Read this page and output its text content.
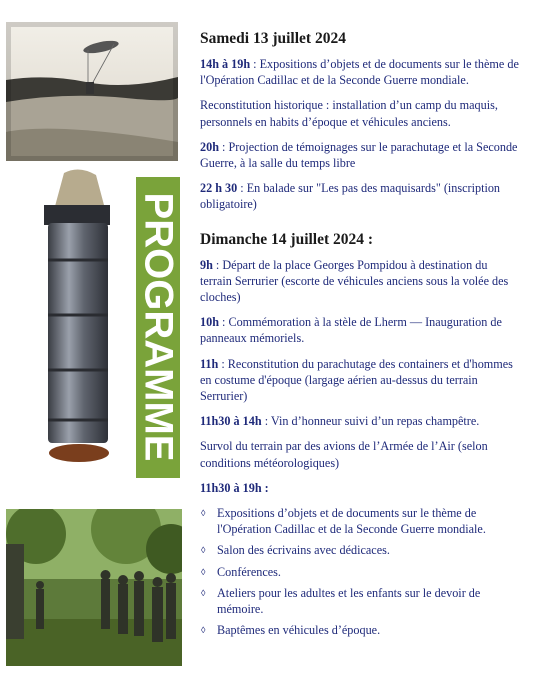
PROGRAMME
Samedi 13 juillet 2024
14h à 19h : Expositions d’objets et de documents sur le thème de l'Opération Cadillac et de la Seconde Guerre mondiale.
Reconstitution historique : installation d’un camp du maquis, personnels en habits d’époque et véhicules anciens.
20h : Projection de témoignages sur le parachutage et la Seconde Guerre, à la salle du temps libre
22 h 30 : En balade sur "Les pas des maquisards" (inscription obligatoire)
Dimanche 14 juillet 2024 :
9h : Départ de la place Georges Pompidou à destination du terrain Serrurier (escorte de véhicules anciens sous la volée des cloches)
10h : Commémoration à la stèle de Lherm — Inauguration de panneaux mémoriels.
11h : Reconstitution du parachutage des containers et d'hommes en costume d'époque (largage aérien au-dessus du terrain Serrurier)
11h30 à 14h : Vin d’honneur suivi d’un repas champêtre.
Survol du terrain par des avions de l’Armée de l’Air (selon conditions météorologiques)
11h30 à 19h :
◊ Expositions d’objets et de documents sur le thème de l'Opération Cadillac et de la Seconde Guerre mondiale.
◊ Salon des écrivains avec dédicaces.
◊ Conférences.
◊ Ateliers pour les adultes et les enfants sur le devoir de mémoire.
◊ Baptêmes en véhicules d’époque.
